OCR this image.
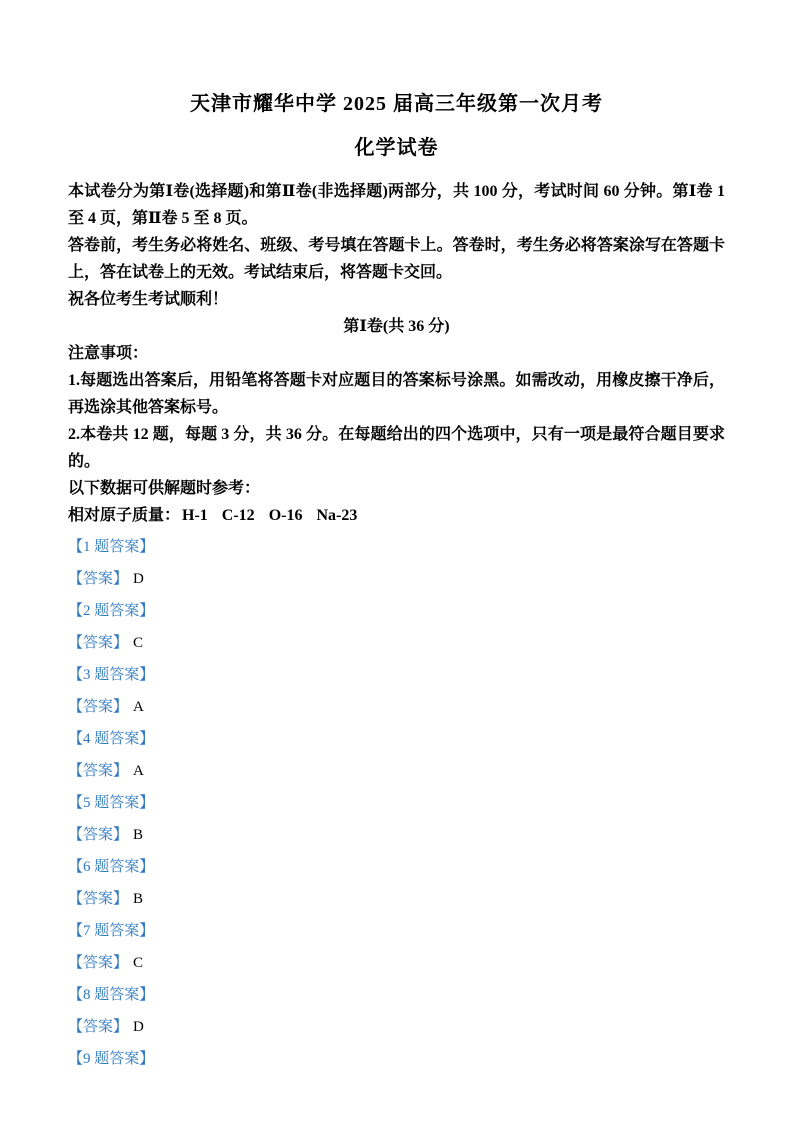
天津市耀华中学 2025 届高三年级第一次月考
化学试卷

本试卷分为第Ⅰ卷(选择题)和第Ⅱ卷(非选择题)两部分，共 100 分，考试时间 60 分钟。第Ⅰ卷 1 至 4 页，第Ⅱ卷 5 至 8 页。

答卷前，考生务必将姓名、班级、考号填在答题卡上。答卷时，考生务必将答案涂写在答题卡上，答在试卷上的无效。考试结束后，将答题卡交回。

祝各位考生考试顺利！

第Ⅰ卷(共 36 分)

注意事项：

1.每题选出答案后，用铅笔将答题卡对应题目的答案标号涂黑。如需改动，用橡皮擦干净后，再选涂其他答案标号。

2.本卷共 12 题，每题 3 分，共 36 分。在每题给出的四个选项中，只有一项是最符合题目要求的。

以下数据可供解题时参考：

相对原子质量： H-1 C-12 O-16 Na-23

【1 题答案】

【答案】 D

【2 题答案】

【答案】 C

【3 题答案】

【答案】 A

【4 题答案】

【答案】 A

【5 题答案】

【答案】 B

【6 题答案】

【答案】 B

【7 题答案】

【答案】 C

【8 题答案】

【答案】 D

【9 题答案】
